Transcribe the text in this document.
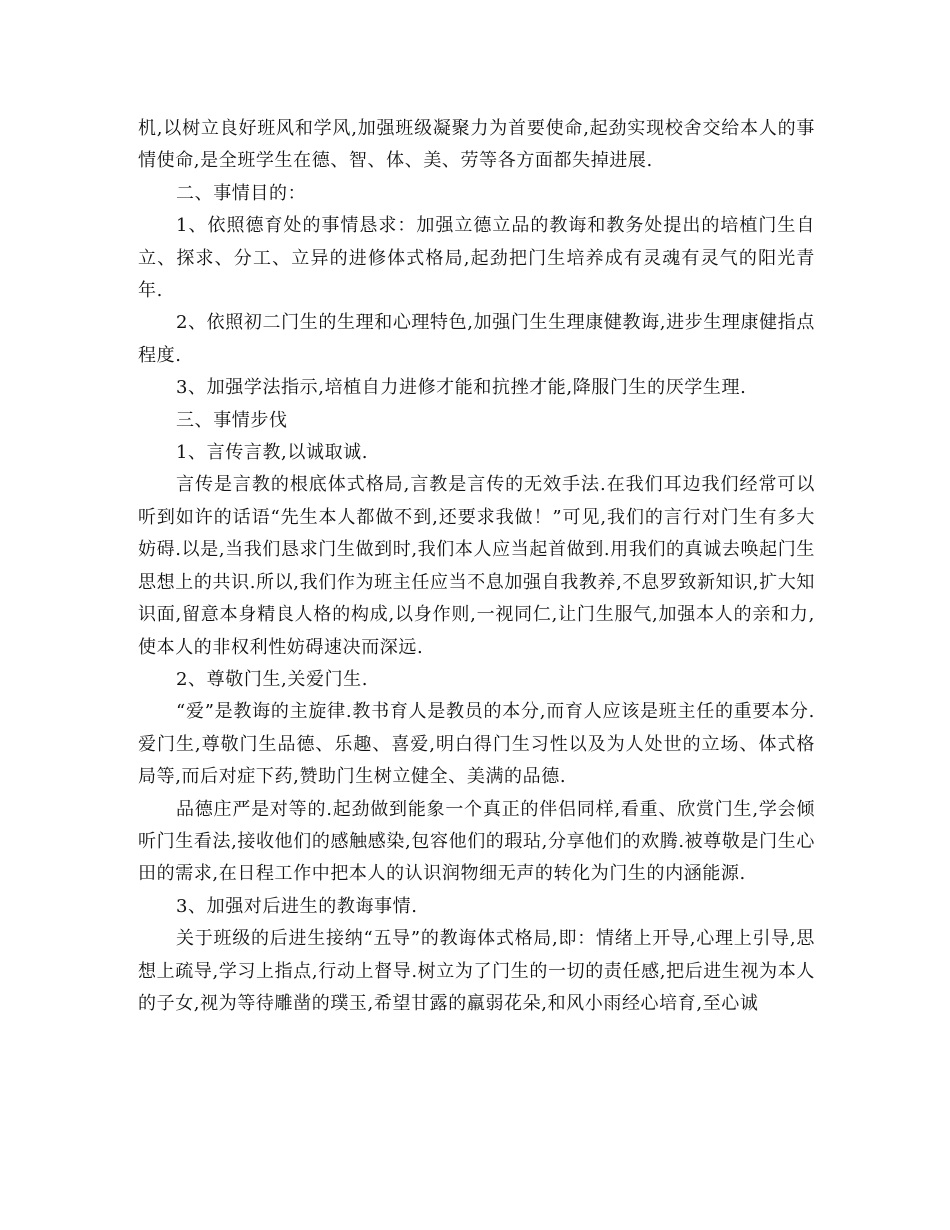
机,以树立良好班风和学风,加强班级凝聚力为首要使命,起劲实现校舍交给本人的事情使命,是全班学生在德、智、体、美、劳等各方面都失掉进展.

二、事情目的：

1、依照德育处的事情恳求：加强立德立品的教诲和教务处提出的培植门生自立、探求、分工、立异的进修体式格局,起劲把门生培养成有灵魂有灵气的阳光青年.

2、依照初二门生的生理和心理特色,加强门生生理康健教诲,进步生理康健指点程度.

3、加强学法指示,培植自力进修才能和抗挫才能,降服门生的厌学生理.

三、事情步伐

1、言传言教,以诚取诚.

言传是言教的根底体式格局,言教是言传的无效手法.在我们耳边我们经常可以听到如许的话语“先生本人都做不到,还要求我做！”可见,我们的言行对门生有多大妨碍.以是,当我们恳求门生做到时,我们本人应当起首做到.用我们的真诚去唤起门生思想上的共识.所以,我们作为班主任应当不息加强自我教养,不息罗致新知识,扩大知识面,留意本身精良人格的构成,以身作则,一视同仁,让门生服气,加强本人的亲和力,使本人的非权利性妨碍速决而深远.

2、尊敬门生,关爱门生.

“爱”是教诲的主旋律.教书育人是教员的本分,而育人应该是班主任的重要本分.爱门生,尊敬门生品德、乐趣、喜爱,明白得门生习性以及为人处世的立场、体式格局等,而后对症下药,赞助门生树立健全、美满的品德.

品德庄严是对等的.起劲做到能象一个真正的伴侣同样,看重、欣赏门生,学会倾听门生看法,接收他们的感触感染,包容他们的瑕玷,分享他们的欢腾.被尊敬是门生心田的需求,在日程工作中把本人的认识润物细无声的转化为门生的内涵能源.

3、加强对后进生的教诲事情.

关于班级的后进生接纳“五导”的教诲体式格局,即：情绪上开导,心理上引导,思想上疏导,学习上指点,行动上督导.树立为了门生的一切的责任感,把后进生视为本人的子女,视为等待雕凿的璞玉,希望甘露的羸弱花朵,和风小雨经心培育,至心诚
